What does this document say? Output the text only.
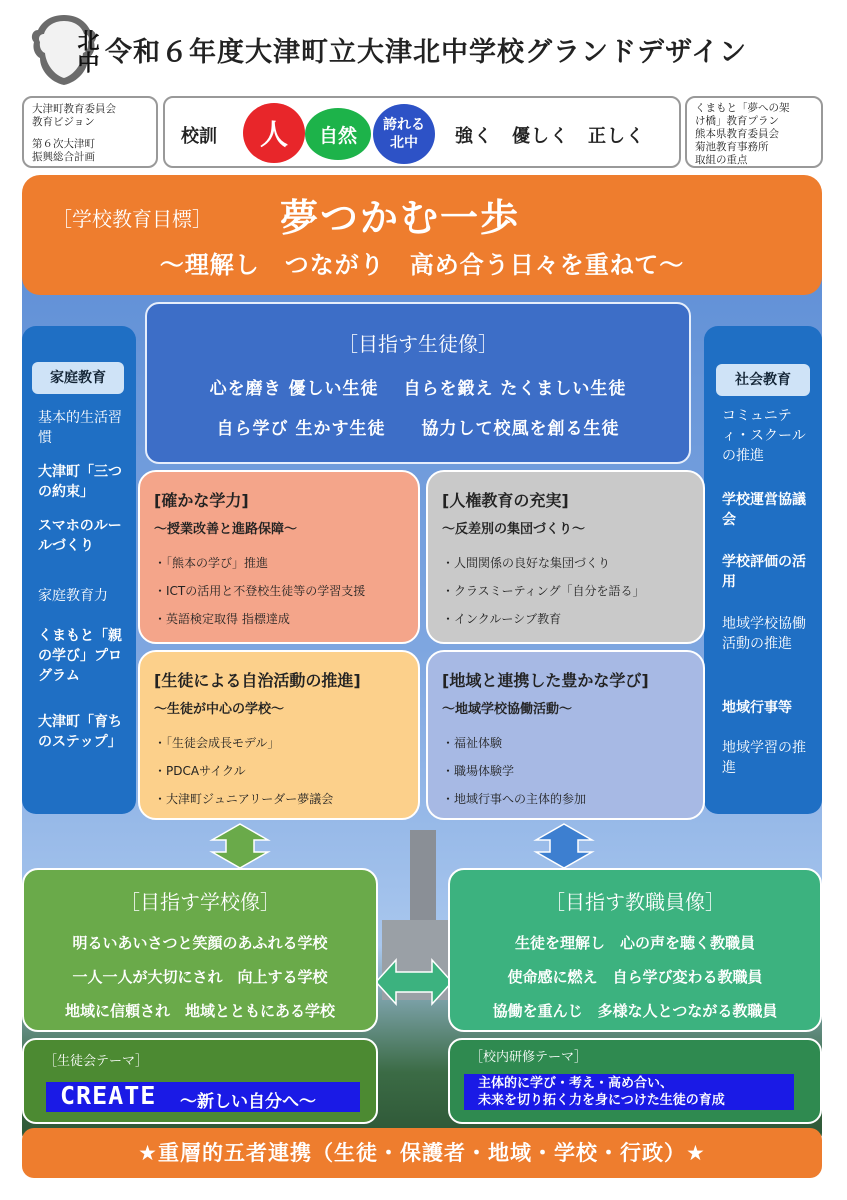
北中 令和６年度大津町立大津北中学校グランドデザイン
大津町教育委員会
教育ビジョン
第６次大津町
振興総合計画
校訓	人	自然	誇れる
北中 強く　優しく　正しく
くまもと「夢への架
け橋」教育プラン
熊本県教育委員会
菊池教育事務所
取組の重点
［学校教育目標］ 夢つかむ一歩
～理解し　つながり　高め合う日々を重ねて～
家庭教育
基本的生活習慣
大津町「三つの約束」
スマホのルールづくり
家庭教育力
くまもと「親の学び」プログラム
大津町「育ちのステップ」
社会教育
コミュニティ・スクールの推進
学校運営協議会
学校評価の活用
地域学校協働活動の推進
地域行事等
地域学習の推進
［目指す生徒像］
心を磨き 優しい生徒　 自らを鍛え たくましい生徒
自ら学び 生かす生徒　　協力して校風を創る生徒
[確かな学力]
～授業改善と進路保障～
・「熊本の学び」推進
・ICTの活用と不登校生徒等の学習支援
・英語検定取得 指標達成
[人権教育の充実]
～反差別の集団づくり～
・人間関係の良好な集団づくり
・クラスミーティング「自分を語る」
・インクルーシブ教育
[生徒による自治活動の推進]
～生徒が中心の学校～
・「生徒会成長モデル」
・PDCAサイクル
・大津町ジュニアリーダー夢議会
[地域と連携した豊かな学び]
～地域学校協働活動～
・福祉体験
・職場体験学
・地域行事への主体的参加
［目指す学校像］
明るいあいさつと笑顔のあふれる学校
一人一人が大切にされ　向上する学校
地域に信頼され　地域とともにある学校
［目指す教職員像］
生徒を理解し　心の声を聴く教職員
使命感に燃え　自ら学び変わる教職員
協働を重んじ　多様な人とつながる教職員
［生徒会テーマ］
CREATE ～新しい自分へ～
［校内研修テーマ］
主体的に学び・考え・高め合い、
未来を切り拓く力を身につけた生徒の育成
★重層的五者連携（生徒・保護者・地域・学校・行政）★
